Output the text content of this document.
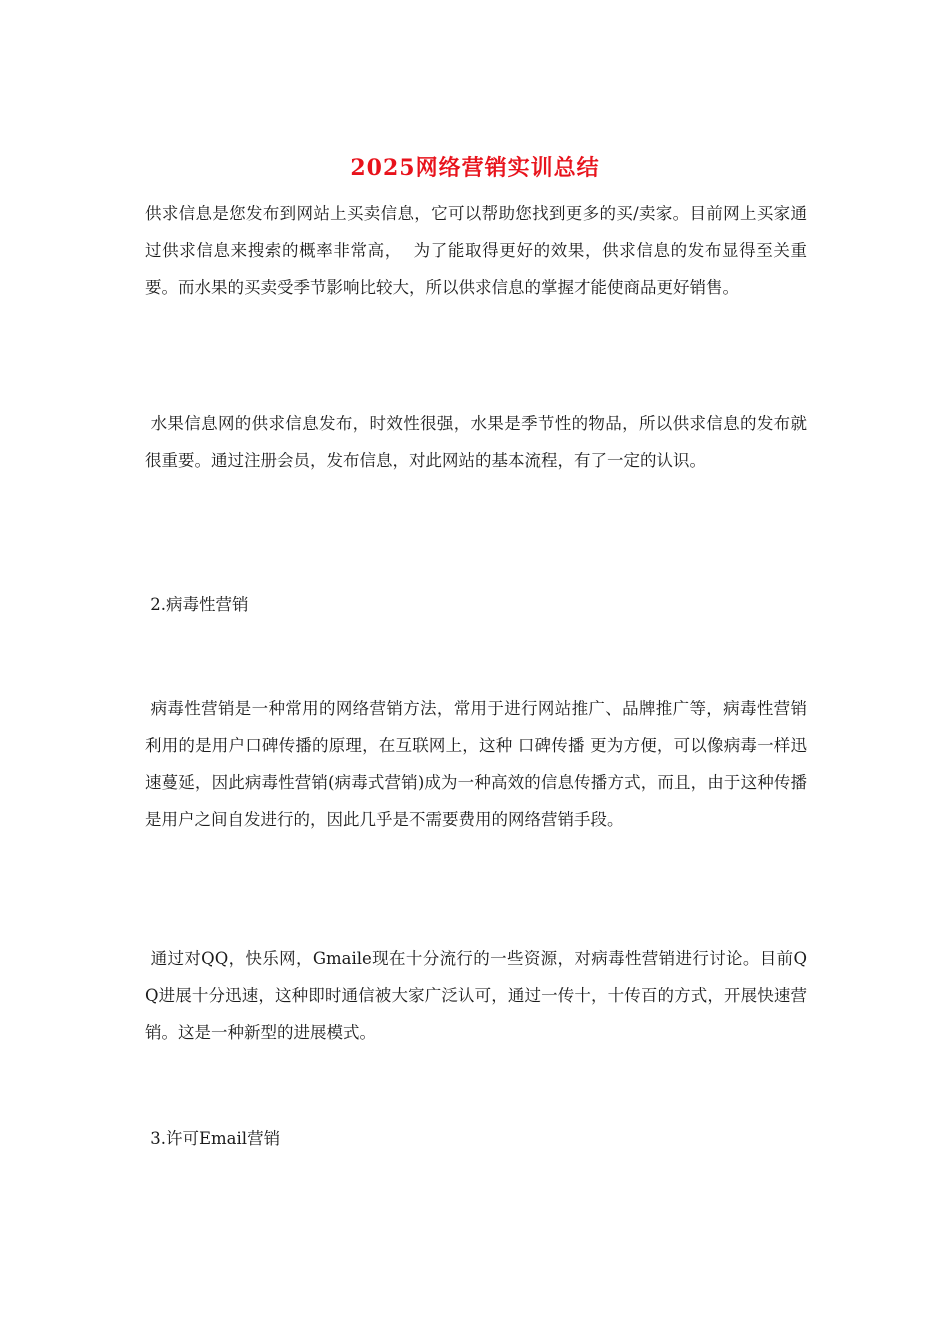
2025网络营销实训总结

供求信息是您发布到网站上买卖信息，它可以帮助您找到更多的买/卖家。目前网上买家通过供求信息来搜索的概率非常高，  为了能取得更好的效果，供求信息的发布显得至关重要。而水果的买卖受季节影响比较大，所以供求信息的掌握才能使商品更好销售。

水果信息网的供求信息发布，时效性很强，水果是季节性的物品，所以供求信息的发布就很重要。通过注册会员，发布信息，对此网站的基本流程，有了一定的认识。

2.病毒性营销

病毒性营销是一种常用的网络营销方法，常用于进行网站推广、品牌推广等，病毒性营销利用的是用户口碑传播的原理，在互联网上，这种 口碑传播 更为方便，可以像病毒一样迅速蔓延，因此病毒性营销(病毒式营销)成为一种高效的信息传播方式，而且，由于这种传播是用户之间自发进行的，因此几乎是不需要费用的网络营销手段。

通过对QQ，快乐网，Gmaile现在十分流行的一些资源，对病毒性营销进行讨论。目前QQ进展十分迅速，这种即时通信被大家广泛认可，通过一传十，十传百的方式，开展快速营销。这是一种新型的进展模式。

3.许可Email营销
